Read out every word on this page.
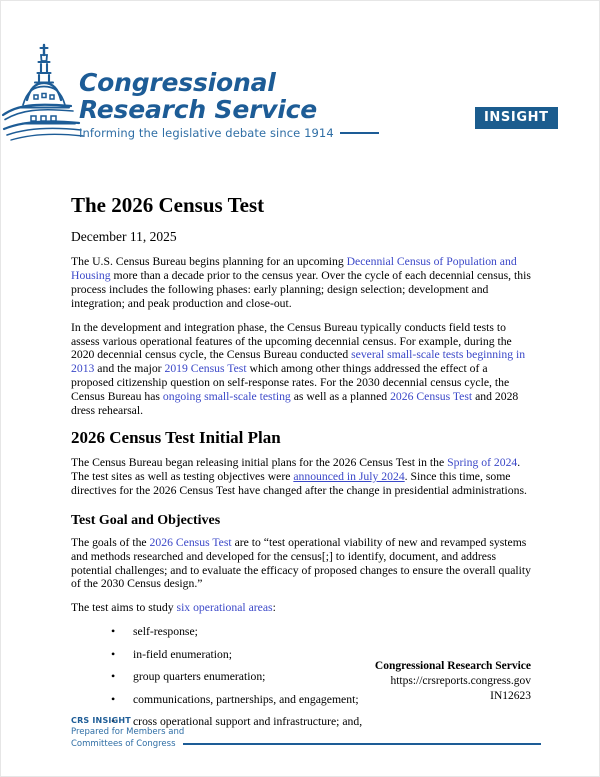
Congressional
Research Service
Informing the legislative debate since 1914
INSIGHT
The 2026 Census Test
December 11, 2025

The U.S. Census Bureau begins planning for an upcoming Decennial Census of Population and Housing more than a decade prior to the census year. Over the cycle of each decennial census, this process includes the following phases: early planning; design selection; development and integration; and peak production and close-out.

In the development and integration phase, the Census Bureau typically conducts field tests to assess various operational features of the upcoming decennial census. For example, during the 2020 decennial census cycle, the Census Bureau conducted several small-scale tests beginning in 2013 and the major 2019 Census Test which among other things addressed the effect of a proposed citizenship question on self-response rates. For the 2030 decennial census cycle, the Census Bureau has ongoing small-scale testing as well as a planned 2026 Census Test and 2028 dress rehearsal.

2026 Census Test Initial Plan

The Census Bureau began releasing initial plans for the 2026 Census Test in the Spring of 2024. The test sites as well as testing objectives were announced in July 2024. Since this time, some directives for the 2026 Census Test have changed after the change in presidential administrations.

Test Goal and Objectives

The goals of the 2026 Census Test are to “test operational viability of new and revamped systems and methods researched and developed for the census[;] to identify, document, and address potential challenges; and to evaluate the efficacy of proposed changes to ensure the overall quality of the 2030 Census design.”

The test aims to study six operational areas:

• self-response;
• in-field enumeration;
• group quarters enumeration;
• communications, partnerships, and engagement;
• cross operational support and infrastructure; and,
Congressional Research Service
https://crsreports.congress.gov
IN12623
CRS INSIGHT
Prepared for Members and
Committees of Congress
